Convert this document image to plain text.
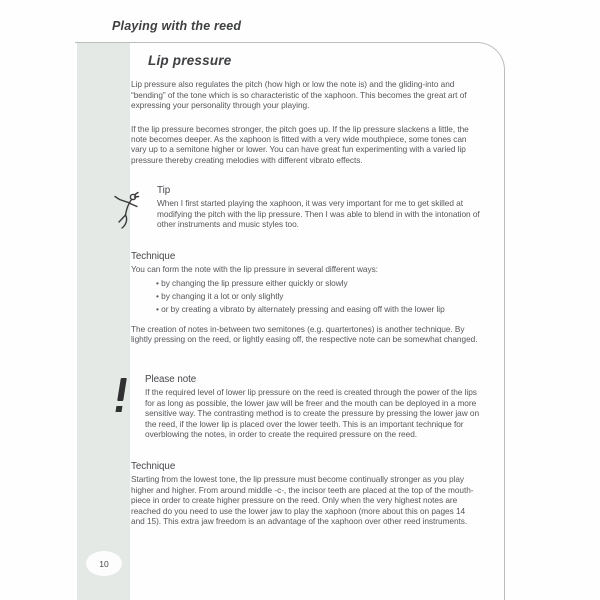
Playing with the reed
Lip pressure

Lip pressure also regulates the pitch (how high or low the note is) and the gliding-into and “bending” of the tone which is so characteristic of the xaphoon. This becomes the great art of expressing your personality through your playing.

If the lip pressure becomes stronger, the pitch goes up. If the lip pressure slackens a little, the note becomes deeper. As the xaphoon is fitted with a very wide mouthpiece, some tones can vary up to a semitone higher or lower. You can have great fun experimenting with a varied lip pressure thereby creating melodies with different vibrato effects.

Tip
When I first started playing the xaphoon, it was very important for me to get skilled at modifying the pitch with the lip pressure. Then I was able to blend in with the intonation of other instruments and music styles too.
Technique
You can form the note with the lip pressure in several different ways:
• by changing the lip pressure either quickly or slowly
• by changing it a lot or only slightly
• or by creating a vibrato by alternately pressing and easing off with the lower lip

The creation of notes in-between two semitones (e.g. quartertones) is another technique. By lightly pressing on the reed, or lightly easing off, the respective note can be somewhat changed.

Please note
If the required level of lower lip pressure on the reed is created through the power of the lips for as long as possible, the lower jaw will be freer and the mouth can be deployed in a more sensitive way. The contrasting method is to create the pressure by pressing the lower jaw on the reed, if the lower lip is placed over the lower teeth. This is an important technique for overblowing the notes, in order to create the required pressure on the reed.
Technique
Starting from the lowest tone, the lip pressure must become continually stronger as you play higher and higher. From around middle -c-, the incisor teeth are placed at the top of the mouth-piece in order to create higher pressure on the reed. Only when the very highest notes are reached do you need to use the lower jaw to play the xaphoon (more about this on pages 14 and 15). This extra jaw freedom is an advantage of the xaphoon over other reed instruments.
10
